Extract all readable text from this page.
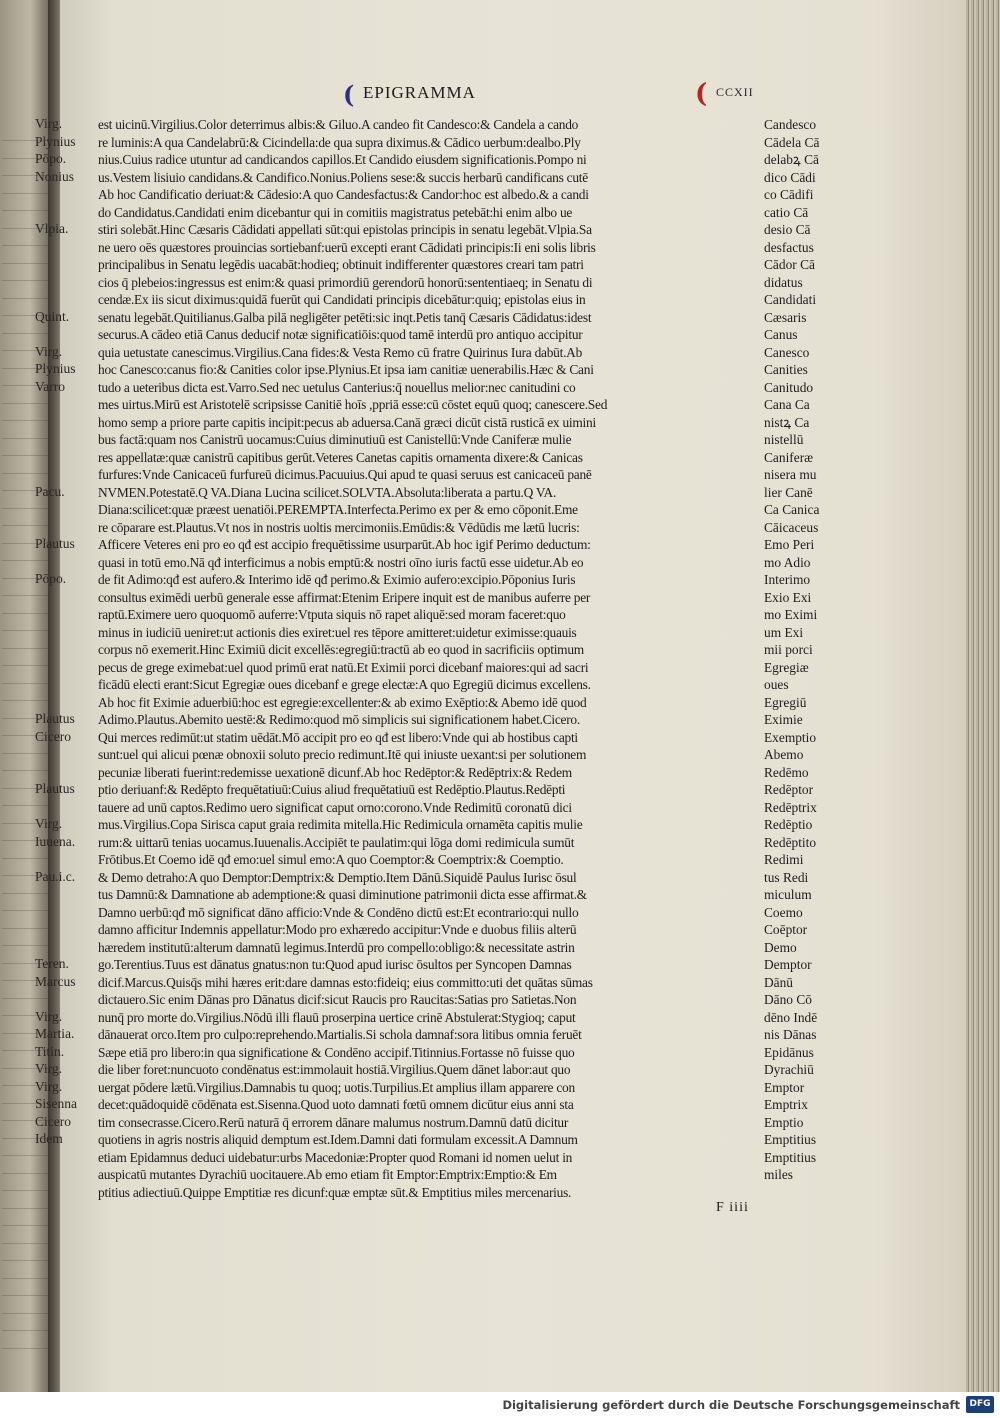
( EPIGRAMMA	( CCXII
Virg.
Plynius
Pōpo.
Nonius
Vlpia.
Quint.
Virg.
Plynius
Varro
Pacu.
Plautus
Pōpo.
Plautus
Cicero
Plautus
Virg.
Iuuena.
Pau.i.c.
Teren.
Marcus
Virg.
Martia.
Titin.
Virg.
Virg.
Sisenna
Cicero
Idem
est uicinū.Virgilius.Color deterrimus albis:& Giluo.A candeo fit Candesco:& Candela a cando
re luminis:A qua Candelabrū:& Cicindella:de qua supra diximus.& Cādico uerbum:dealbo.Ply
nius.Cuius radice utuntur ad candicandos capillos.Et Candido eiusdem significationis.Pompo ni
us.Vestem lisiuio candidans.& Candifico.Nonius.Poliens sese:& succis herbarū candificans cutē
Ab hoc Candificatio deriuat:& Cādesio:A quo Candesfactus:& Candor:hoc est albedo.& a candi
do Candidatus.Candidati enim dicebantur qui in comitiis magistratus petebāt:hi enim albo ue
stiri solebāt.Hinc Cæsaris Cādidati appellati sūt:qui epistolas principis in senatu legebāt.Vlpia.Sa
ne uero oēs quæstores prouincias sortiebanf:uerū excepti erant Cādidati principis:Ii eni solis libris
principalibus in Senatu legēdis uacabāt:hodieq; obtinuit indifferenter quæstores creari tam patri
cios q̄ plebeios:ingressus est enim:& quasi primordiū gerendorū honorū:sententiaeq; in Senatu di
cendæ.Ex iis sicut diximus:quidā fuerūt qui Candidati principis dicebātur:quiq; epistolas eius in
senatu legebāt.Quitilianus.Galba pilā negligēter petēti:sic inqt.Petis tanq̄ Cæsaris Cādidatus:idest
securus.A cādeo etiā Canus deducif notæ significatiōis:quod tamē interdū pro antiquo accipitur
quia uetustate canescimus.Virgilius.Cana fides:& Vesta Remo cū fratre Quirinus Iura dabūt.Ab
hoc Canesco:canus fio:& Canities color ipse.Plynius.Et ipsa iam canitiæ uenerabilis.Hæc & Cani
tudo a ueteribus dicta est.Varro.Sed nec uetulus Canterius:q̄ nouellus melior:nec canitudini co
mes uirtus.Mirū est Aristotelē scripsisse Canitiē hoīs ,ppriā esse:cū cōstet equū quoq; canescere.Sed
homo semp a priore parte capitis incipit:pecus ab aduersa.Canā græci dicūt cistā rusticā ex uimini
bus factā:quam nos Canistrū uocamus:Cuius diminutiuū est Canistellū:Vnde Caniferæ mulie
res appellatæ:quæ canistrū capitibus gerūt.Veteres Canetas capitis ornamenta dixere:& Canicas
furfures:Vnde Canicaceū furfureū dicimus.Pacuuius.Qui apud te quasi seruus est canicaceū panē
NVMEN.Potestatē.Q VA.Diana Lucina scilicet.SOLVTA.Absoluta:liberata a partu.Q VA.
Diana:scilicet:quæ præest uenatiōi.PEREMPTA.Interfecta.Perimo ex per & emo cōponit.Eme
re cōparare est.Plautus.Vt nos in nostris uoltis mercimoniis.Emūdis:& Vēdūdis me lætū lucris:
Afficere Veteres eni pro eo qđ est accipio frequētissime usurparūt.Ab hoc igif Perimo deductum:
quasi in totū emo.Nā qđ interficimus a nobis emptū:& nostri oīno iuris factū esse uidetur.Ab eo
de fit Adimo:qđ est aufero.& Interimo idē qđ perimo.& Eximio aufero:excipio.Pōponius Iuris
consultus eximēdi uerbū generale esse affirmat:Etenim Eripere inquit est de manibus auferre per
raptū.Eximere uero quoquomō auferre:Vtputa siquis nō rapet aliquē:sed moram faceret:quo
minus in iudiciū ueniret:ut actionis dies exiret:uel res tēpore amitteret:uidetur eximisse:quauis
corpus nō exemerit.Hinc Eximiū dicit excellēs:egregiū:tractū ab eo quod in sacrificiis optimum
pecus de grege eximebat:uel quod primū erat natū.Et Eximii porci dicebanf maiores:qui ad sacri
ficādū electi erant:Sicut Egregiæ oues dicebanf e grege electæ:A quo Egregiū dicimus excellens.
Ab hoc fit Eximie aduerbiū:hoc est egregie:excellenter:& ab eximo Exēptio:& Abemo idē quod
Adimo.Plautus.Abemito uestē:& Redimo:quod mō simplicis sui significationem habet.Cicero.
Qui merces redimūt:ut statim uēdāt.Mō accipit pro eo qđ est libero:Vnde qui ab hostibus capti
sunt:uel qui alicui pœnæ obnoxii soluto precio redimunt.Itē qui iniuste uexant:si per solutionem
pecuniæ liberati fuerint:redemisse uexationē dicunf.Ab hoc Redēptor:& Redēptrix:& Redem
ptio deriuanf:& Redēpto frequētatiuū:Cuius aliud frequētatiuū est Redēptio.Plautus.Redēpti
tauere ad unū captos.Redimo uero significat caput orno:corono.Vnde Redimitū coronatū dici
mus.Virgilius.Copa Sirisca caput graia redimita mitella.Hic Redimicula ornamēta capitis mulie
rum:& uittarū tenias uocamus.Iuuenalis.Accipiēt te paulatim:qui lōga domi redimicula sumūt
Frōtibus.Et Coemo idē qđ emo:uel simul emo:A quo Coemptor:& Coemptrix:& Coemptio.
& Demo detraho:A quo Demptor:Demptrix:& Demptio.Item Dānū.Siquidē Paulus Iurisc ōsul
tus Damnū:& Damnatione ab ademptione:& quasi diminutione patrimonii dicta esse affirmat.&
Damno uerbū:qđ mō significat dāno afficio:Vnde & Condēno dictū est:Et econtrario:qui nullo
damno afficitur Indemnis appellatur:Modo pro exhæredo accipitur:Vnde e duobus filiis alterū
hæredem institutū:alterum damnatū legimus.Interdū pro compello:obligo:& necessitate astrin
go.Terentius.Tuus est dānatus gnatus:non tu:Quod apud iurisc ōsultos per Syncopen Damnas
dicif.Marcus.Quisq̄s mihi hæres erit:dare damnas esto:fideiq; eius committo:uti det quātas sūmas
dictauero.Sic enim Dānas pro Dānatus dicif:sicut Raucis pro Raucitas:Satias pro Satietas.Non
nunq̄ pro morte do.Virgilius.Nōdū illi flauū proserpina uertice crinē Abstulerat:Stygioq; caput
dānauerat orco.Item pro culpo:reprehendo.Martialis.Si schola damnaf:sora litibus omnia feruēt
Sæpe etiā pro libero:in qua significatione & Condēno accipif.Titinnius.Fortasse nō fuisse quo
die liber foret:nuncuoto condēnatus est:immolauit hostiā.Virgilius.Quem dānet labor:aut quo
uergat pōdere lætū.Virgilius.Damnabis tu quoq; uotis.Turpilius.Et amplius illam apparere con
decet:quādoquidē cōdēnata est.Sisenna.Quod uoto damnati fœtū omnem dicūtur eius anni sta
tim consecrasse.Cicero.Rerū naturā q̄ errorem dānare malumus nostrum.Damnū datū dicitur
quotiens in agris nostris aliquid demptum est.Idem.Damni dati formulam excessit.A Damnum
etiam Epidamnus deduci uidebatur:urbs Macedoniæ:Propter quod Romani id nomen uelut in
auspicatū mutantes Dyrachiū uocitauere.Ab emo etiam fit Emptor:Emptrix:Emptio:& Em
ptitius adiectiuū.Quippe Emptitiæ res dicunf:quæ emptæ sūt.& Emptitius miles mercenarius.
Candesco
Cādela Cā
delabꝝ Cā
dico Cādi
co Cādifi
catio Cā
desio Cā
desfactus
Cādor Cā
didatus
Candidati
Cæsaris
Canus
Canesco
Canities
Canitudo
Cana Ca
nistꝝ Ca
nistellū
Caniferæ
nisera mu
lier Canē
Ca Canica
Cāicaceus
Emo Peri
mo Adio
Interimo
Exio Exi
mo Eximi
um Exi
mii porci
Egregiæ
oues
Egregiū
Eximie
Exemptio
Abemo
Redēmo
Redēptor
Redēptrix
Redēptio
Redēptito
Redimi
tus Redi
miculum
Coemo
Coēptor
Demo
Demptor
Dānū
Dāno Cō
dēno Indē
nis Dānas
Epidānus
Dyrachiū
Emptor
Emptrix
Emptio
Emptitius
Emptitius
miles
F iiii
Digitalisierung gefördert durch die Deutsche Forschungsgemeinschaft	DFG
